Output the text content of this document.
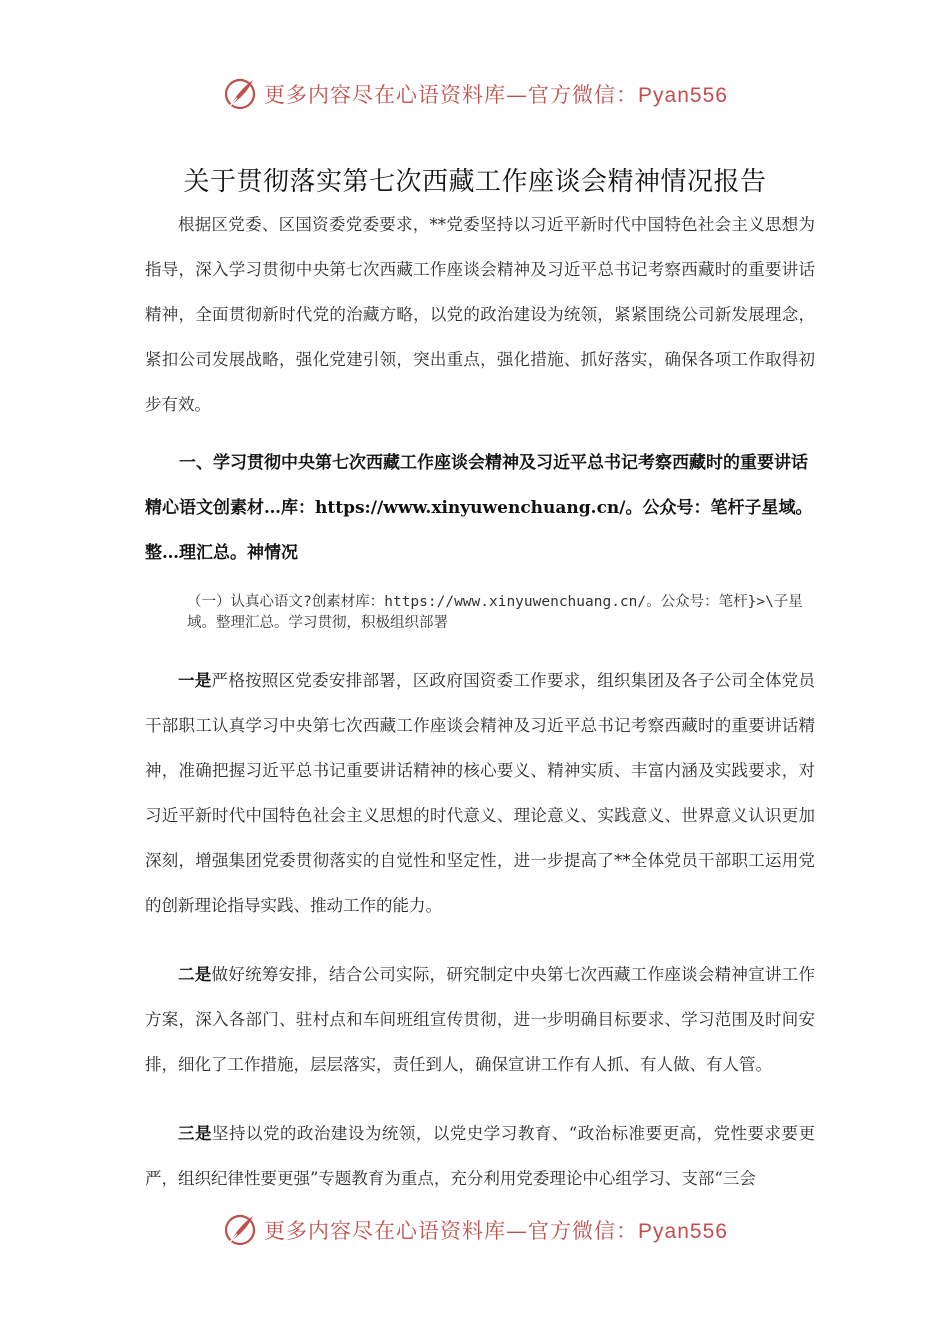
更多内容尽在心语资料库—官方微信：Pyan556
关于贯彻落实第七次西藏工作座谈会精神情况报告

根据区党委、区国资委党委要求，**党委坚持以习近平新时代中国特色社会主义思想为指导，深入学习贯彻中央第七次西藏工作座谈会精神及习近平总书记考察西藏时的重要讲话精神，全面贯彻新时代党的治藏方略，以党的政治建设为统领，紧紧围绕公司新发展理念，紧扣公司发展战略，强化党建引领，突出重点，强化措施、抓好落实，确保各项工作取得初步有效。

一、学习贯彻中央第七次西藏工作座谈会精神及习近平总书记考察西藏时的重要讲话　精心语文创素材…库：https://www.xinyuwenchuang.cn/。公众号：笔杆子星域。整…理汇总。神情况

（一）认真心语文?创素材库：https://www.xinyuwenchuang.cn/。公众号：笔杆}>\子星域。整理汇总。学习贯彻，积极组织部署

一是严格按照区党委安排部署，区政府国资委工作要求，组织集团及各子公司全体党员干部职工认真学习中央第七次西藏工作座谈会精神及习近平总书记考察西藏时的重要讲话精神，准确把握习近平总书记重要讲话精神的核心要义、精神实质、丰富内涵及实践要求，对习近平新时代中国特色社会主义思想的时代意义、理论意义、实践意义、世界意义认识更加深刻，增强集团党委贯彻落实的自觉性和坚定性，进一步提高了**全体党员干部职工运用党的创新理论指导实践、推动工作的能力。

二是做好统筹安排，结合公司实际，研究制定中央第七次西藏工作座谈会精神宣讲工作方案，深入各部门、驻村点和车间班组宣传贯彻，进一步明确目标要求、学习范围及时间安排，细化了工作措施，层层落实，责任到人，确保宣讲工作有人抓、有人做、有人管。

三是坚持以党的政治建设为统领，以党史学习教育、“政治标准要更高，党性要求要更严，组织纪律性要更强”专题教育为重点，充分利用党委理论中心组学习、支部“三会

更多内容尽在心语资料库—官方微信：Pyan556
